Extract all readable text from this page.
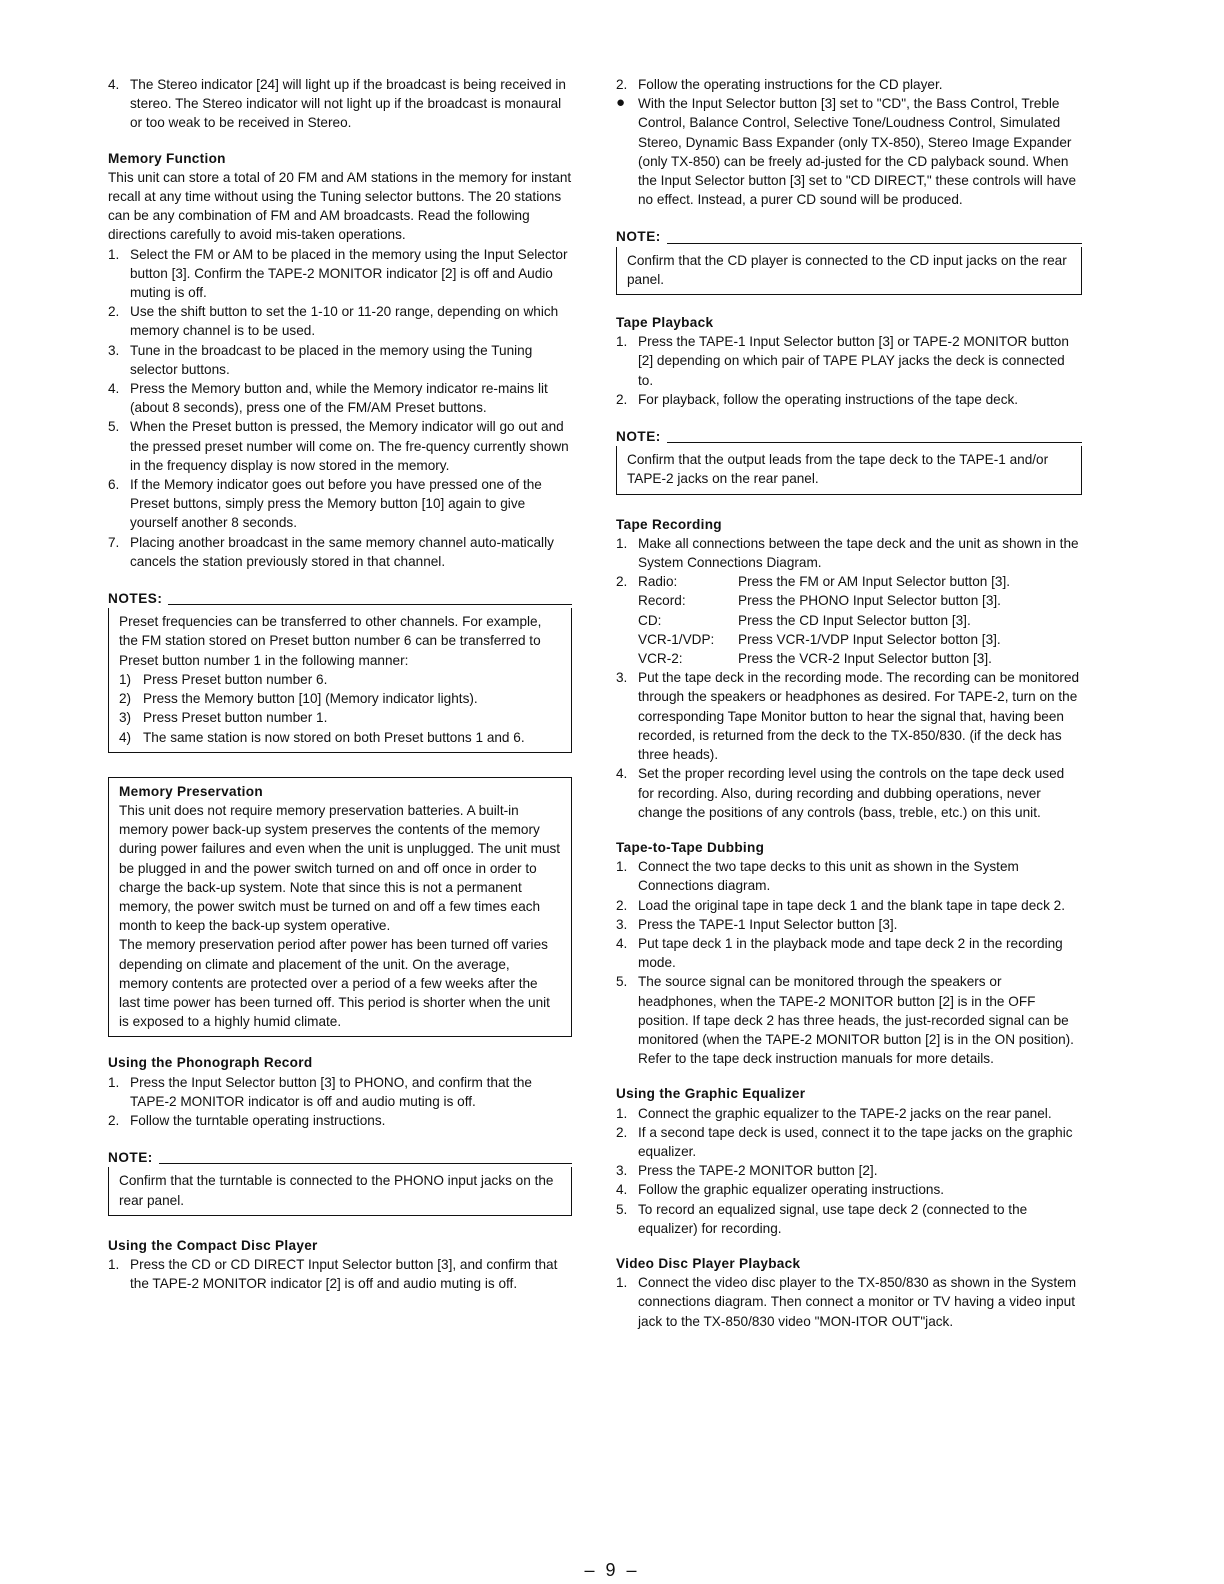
4. The Stereo indicator [24] will light up if the broadcast is being received in stereo. The Stereo indicator will not light up if the broadcast is monaural or too weak to be received in Stereo.

Memory Function

This unit can store a total of 20 FM and AM stations in the memory for instant recall at any time without using the Tuning selector buttons. The 20 stations can be any combination of FM and AM broadcasts. Read the following directions carefully to avoid mis-taken operations.

1. Select the FM or AM to be placed in the memory using the Input Selector button [3]. Confirm the TAPE-2 MONITOR indicator [2] is off and Audio muting is off.
2. Use the shift button to set the 1-10 or 11-20 range, depending on which memory channel is to be used.
3. Tune in the broadcast to be placed in the memory using the Tuning selector buttons.
4. Press the Memory button and, while the Memory indicator re-mains lit (about 8 seconds), press one of the FM/AM Preset buttons.
5. When the Preset button is pressed, the Memory indicator will go out and the pressed preset number will come on. The fre-quency currently shown in the frequency display is now stored in the memory.
6. If the Memory indicator goes out before you have pressed one of the Preset buttons, simply press the Memory button [10] again to give yourself another 8 seconds.
7. Placing another broadcast in the same memory channel auto-matically cancels the station previously stored in that channel.
NOTES:

Preset frequencies can be transferred to other channels. For example, the FM station stored on Preset button number 6 can be transferred to Preset button number 1 in the following manner:

1) Press Preset button number 6.
2) Press the Memory button [10] (Memory indicator lights).
3) Press Preset button number 1.
4) The same station is now stored on both Preset buttons 1 and 6.

Memory Preservation

This unit does not require memory preservation batteries. A built-in memory power back-up system preserves the contents of the memory during power failures and even when the unit is unplugged. The unit must be plugged in and the power switch turned on and off once in order to charge the back-up system. Note that since this is not a permanent memory, the power switch must be turned on and off a few times each month to keep the back-up system operative.

The memory preservation period after power has been turned off varies depending on climate and placement of the unit. On the average, memory contents are protected over a period of a few weeks after the last time power has been turned off. This period is shorter when the unit is exposed to a highly humid climate.

Using the Phonograph Record

1. Press the Input Selector button [3] to PHONO, and confirm that the TAPE-2 MONITOR indicator is off and audio muting is off.
2. Follow the turntable operating instructions.
NOTE:

Confirm that the turntable is connected to the PHONO input jacks on the rear panel.

Using the Compact Disc Player

1. Press the CD or CD DIRECT Input Selector button [3], and confirm that the TAPE-2 MONITOR indicator [2] is off and audio muting is off.
2. Follow the operating instructions for the CD player.
● With the Input Selector button [3] set to "CD", the Bass Control, Treble Control, Balance Control, Selective Tone/Loudness Control, Simulated Stereo, Dynamic Bass Expander (only TX-850), Stereo Image Expander (only TX-850) can be freely ad-justed for the CD palyback sound. When the Input Selector button [3] set to "CD DIRECT," these controls will have no effect. Instead, a purer CD sound will be produced.
NOTE:

Confirm that the CD player is connected to the CD input jacks on the rear panel.

Tape Playback

1. Press the TAPE-1 Input Selector button [3] or TAPE-2 MONITOR button [2] depending on which pair of TAPE PLAY jacks the deck is connected to.
2. For playback, follow the operating instructions of the tape deck.
NOTE:

Confirm that the output leads from the tape deck to the TAPE-1 and/or TAPE-2 jacks on the rear panel.

Tape Recording

1. Make all connections between the tape deck and the unit as shown in the System Connections Diagram.
2. Radio:	Press the FM or AM Input Selector button [3].
Record:	Press the PHONO Input Selector button [3].
CD:	Press the CD Input Selector button [3].
VCR-1/VDP:	Press VCR-1/VDP Input Selector botton [3].
VCR-2:	Press the VCR-2 Input Selector button [3].
3. Put the tape deck in the recording mode. The recording can be monitored through the speakers or headphones as desired. For TAPE-2, turn on the corresponding Tape Monitor button to hear the signal that, having been recorded, is returned from the deck to the TX-850/830. (if the deck has three heads).
4. Set the proper recording level using the controls on the tape deck used for recording. Also, during recording and dubbing operations, never change the positions of any controls (bass, treble, etc.) on this unit.

Tape-to-Tape Dubbing

1. Connect the two tape decks to this unit as shown in the System Connections diagram.
2. Load the original tape in tape deck 1 and the blank tape in tape deck 2.
3. Press the TAPE-1 Input Selector button [3].
4. Put tape deck 1 in the playback mode and tape deck 2 in the recording mode.
5. The source signal can be monitored through the speakers or headphones, when the TAPE-2 MONITOR button [2] is in the OFF position. If tape deck 2 has three heads, the just-recorded signal can be monitored (when the TAPE-2 MONITOR button [2] is in the ON position). Refer to the tape deck instruction manuals for more details.

Using the Graphic Equalizer

1. Connect the graphic equalizer to the TAPE-2 jacks on the rear panel.
2. If a second tape deck is used, connect it to the tape jacks on the graphic equalizer.
3. Press the TAPE-2 MONITOR button [2].
4. Follow the graphic equalizer operating instructions.
5. To record an equalized signal, use tape deck 2 (connected to the equalizer) for recording.

Video Disc Player Playback

1. Connect the video disc player to the TX-850/830 as shown in the System connections diagram. Then connect a monitor or TV having a video input jack to the TX-850/830 video "MON-ITOR OUT"jack.
– 9 –
